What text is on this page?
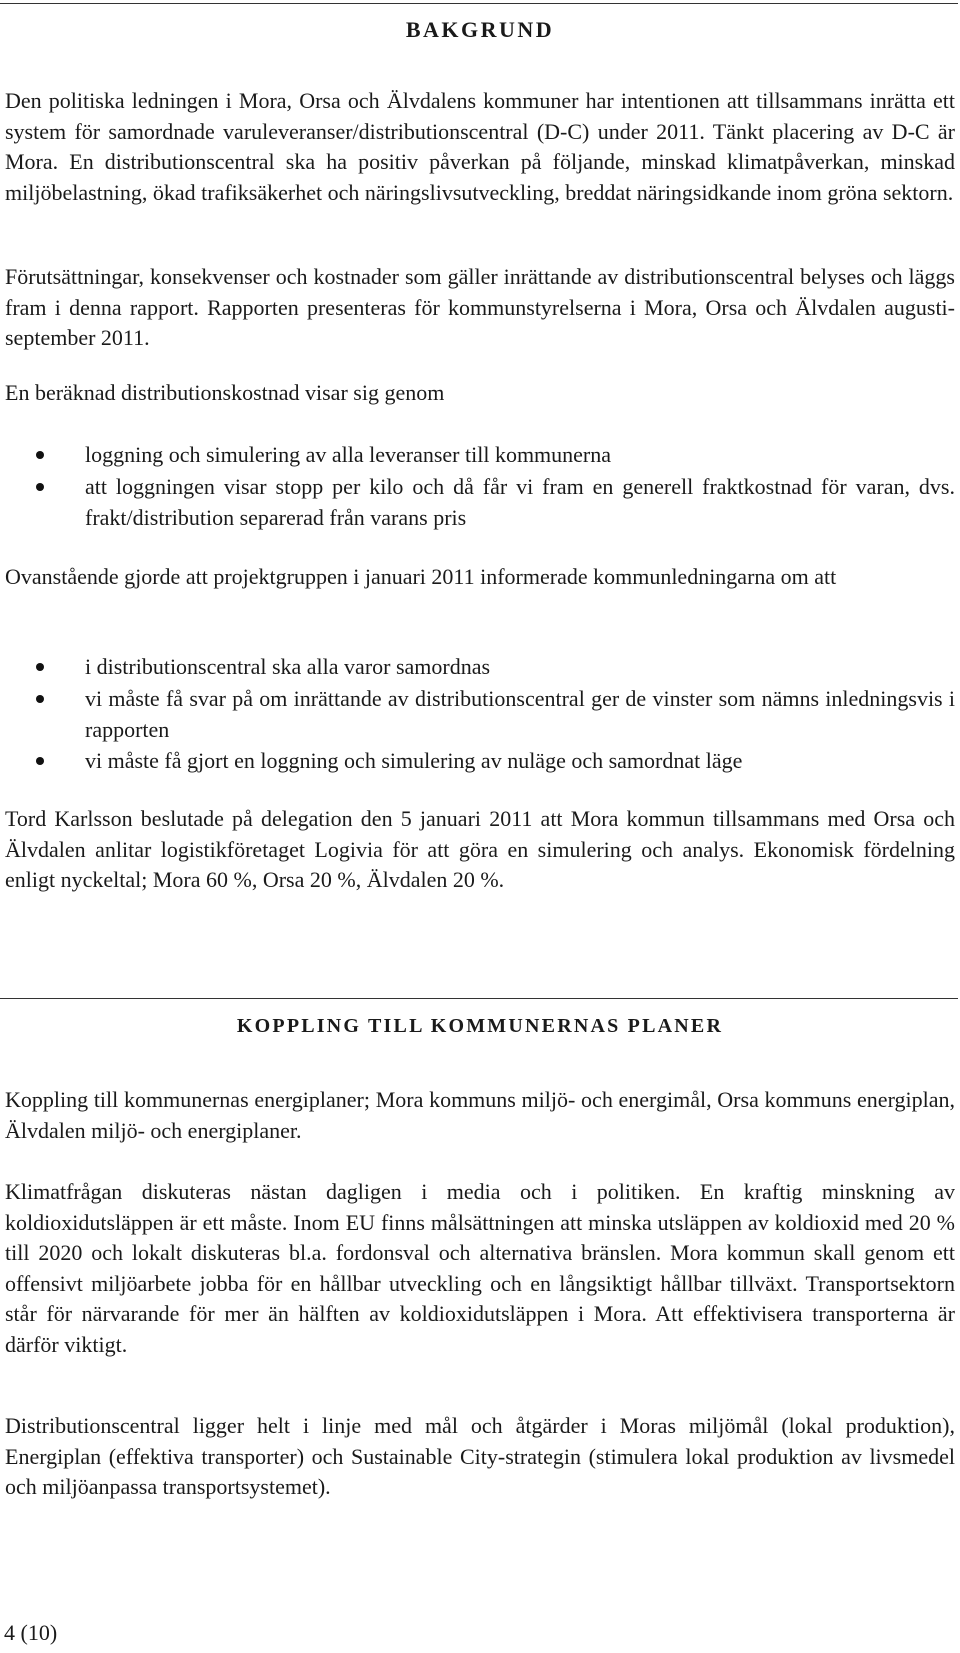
BAKGRUND

Den politiska ledningen i Mora, Orsa och Älvdalens kommuner har intentionen att tillsammans inrätta ett system för samordnade varuleveranser/distributionscentral (D-C) under 2011. Tänkt placering av D-C är Mora. En distributionscentral ska ha positiv påverkan på följande, minskad klimatpåverkan, minskad miljöbelastning, ökad trafiksäkerhet och näringslivsutveckling, breddat näringsidkande inom gröna sektorn.

Förutsättningar, konsekvenser och kostnader som gäller inrättande av distributionscentral belyses och läggs fram i denna rapport. Rapporten presenteras för kommunstyrelserna i Mora, Orsa och Älvdalen augusti-september 2011.

En beräknad distributionskostnad visar sig genom

loggning och simulering av alla leveranser till kommunerna

att loggningen visar stopp per kilo och då får vi fram en generell fraktkostnad för varan, dvs. frakt/distribution separerad från varans pris

Ovanstående gjorde att projektgruppen i januari 2011 informerade kommunledningarna om att

i distributionscentral ska alla varor samordnas

vi måste få svar på om inrättande av distributionscentral ger de vinster som nämns inledningsvis i rapporten

vi måste få gjort en loggning och simulering av nuläge och samordnat läge

Tord Karlsson beslutade på delegation den 5 januari 2011 att Mora kommun tillsammans med Orsa och Älvdalen anlitar logistikföretaget Logivia för att göra en simulering och analys. Ekonomisk fördelning enligt nyckeltal; Mora 60 %, Orsa 20 %, Älvdalen 20 %.

KOPPLING TILL KOMMUNERNAS PLANER

Koppling till kommunernas energiplaner; Mora kommuns miljö- och energimål, Orsa kommuns energiplan, Älvdalen miljö- och energiplaner.

Klimatfrågan diskuteras nästan dagligen i media och i politiken. En kraftig minskning av koldioxidutsläppen är ett måste. Inom EU finns målsättningen att minska utsläppen av koldioxid med 20 % till 2020 och lokalt diskuteras bl.a. fordonsval och alternativa bränslen. Mora kommun skall genom ett offensivt miljöarbete jobba för en hållbar utveckling och en långsiktigt hållbar tillväxt. Transportsektorn står för närvarande för mer än hälften av koldioxidutsläppen i Mora. Att effektivisera transporterna är därför viktigt.

Distributionscentral ligger helt i linje med mål och åtgärder i Moras miljömål (lokal produktion), Energiplan (effektiva transporter) och Sustainable City-strategin (stimulera lokal produktion av livsmedel och miljöanpassa transportsystemet).

4 (10)
